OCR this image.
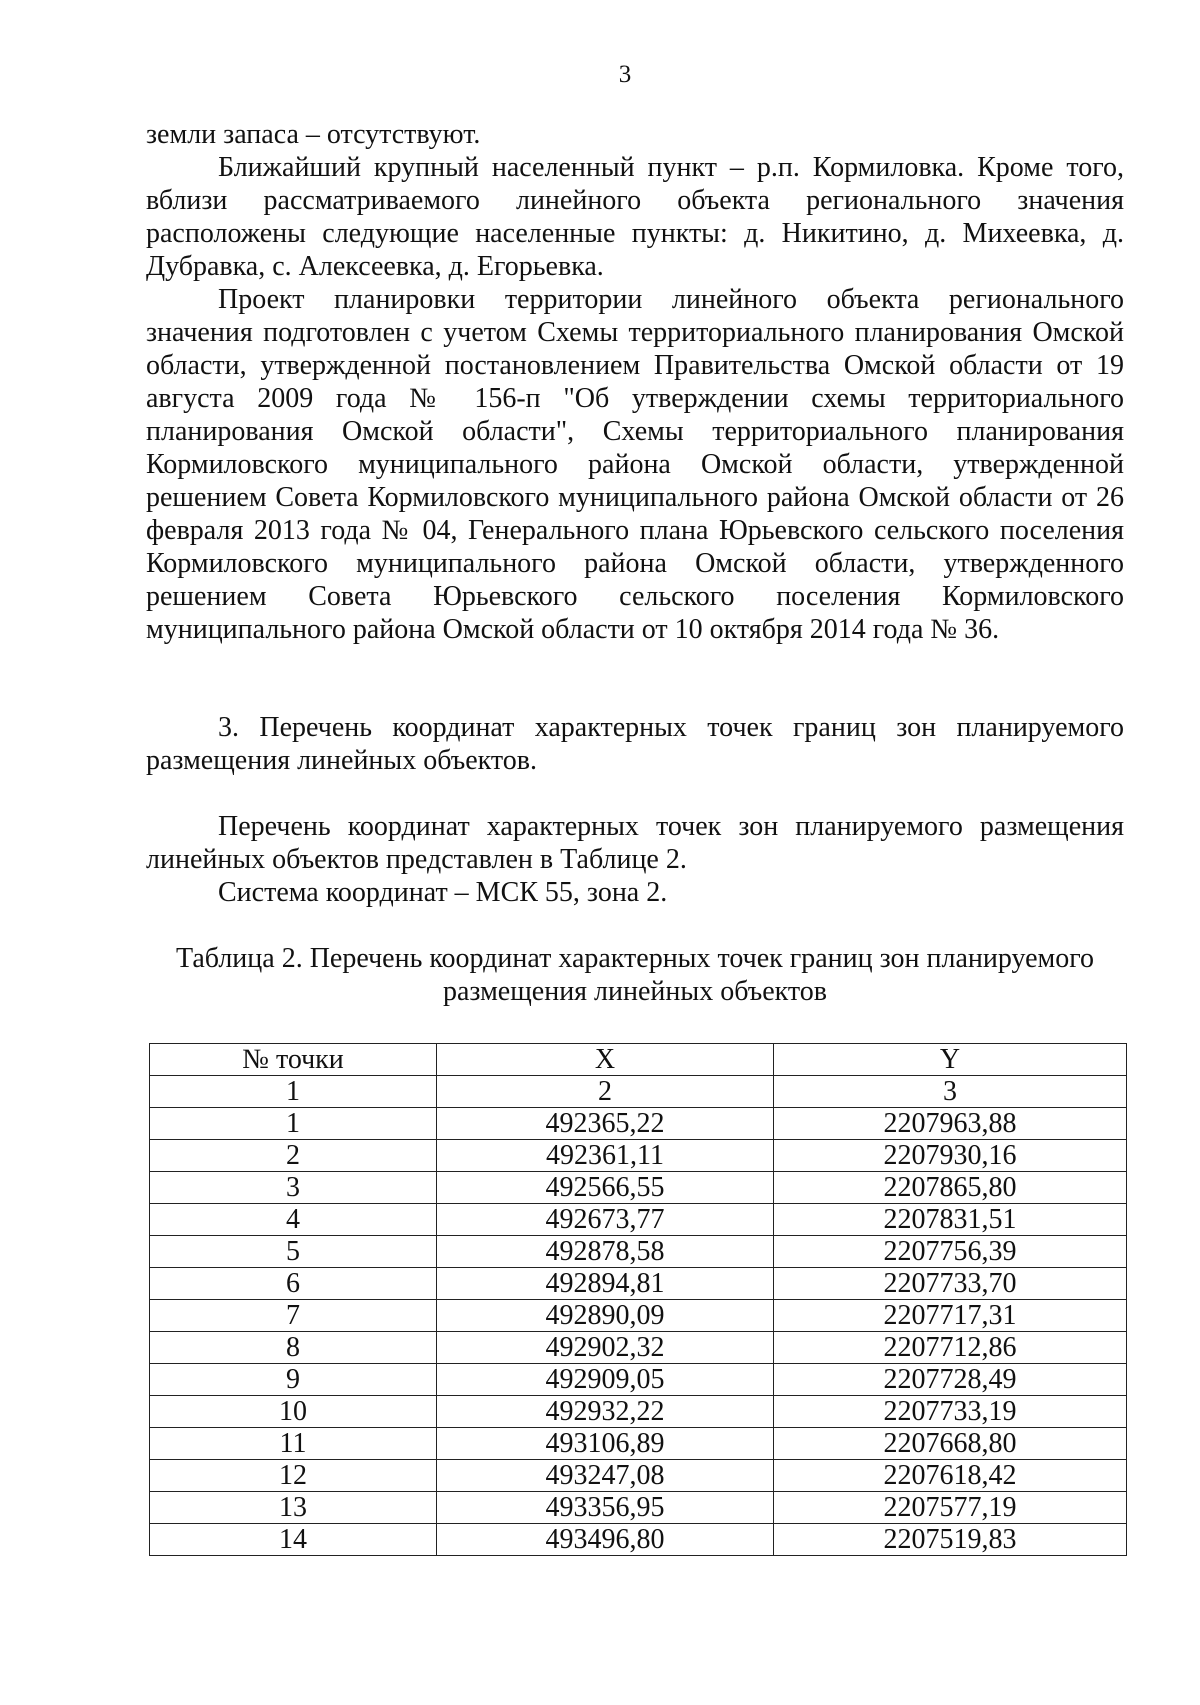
3

земли запаса – отсутствуют.

Ближайший крупный населенный пункт – р.п. Кормиловка. Кроме того, вблизи рассматриваемого линейного объекта регионального значения расположены следующие населенные пункты: д. Никитино, д. Михеевка, д. Дубравка, с. Алексеевка, д. Егорьевка.

Проект планировки территории линейного объекта регионального значения подготовлен с учетом Схемы территориального планирования Омской области, утвержденной постановлением Правительства Омской области от 19 августа 2009 года № 156-п "Об утверждении схемы территориального планирования Омской области", Схемы территориального планирования Кормиловского муниципального района Омской области, утвержденной решением Совета Кормиловского муниципального района Омской области от 26 февраля 2013 года № 04, Генерального плана Юрьевского сельского поселения Кормиловского муниципального района Омской области, утвержденного решением Совета Юрьевского сельского поселения Кормиловского муниципального района Омской области от 10 октября 2014 года № 36.

3. Перечень координат характерных точек границ зон планируемого размещения линейных объектов.

Перечень координат характерных точек зон планируемого размещения линейных объектов представлен в Таблице 2.

Система координат – МСК 55, зона 2.

Таблица 2. Перечень координат характерных точек границ зон планируемого
размещения линейных объектов
№ точки	X	Y
1	2	3
1	492365,22	2207963,88
2	492361,11	2207930,16
3	492566,55	2207865,80
4	492673,77	2207831,51
5	492878,58	2207756,39
6	492894,81	2207733,70
7	492890,09	2207717,31
8	492902,32	2207712,86
9	492909,05	2207728,49
10	492932,22	2207733,19
11	493106,89	2207668,80
12	493247,08	2207618,42
13	493356,95	2207577,19
14	493496,80	2207519,83
